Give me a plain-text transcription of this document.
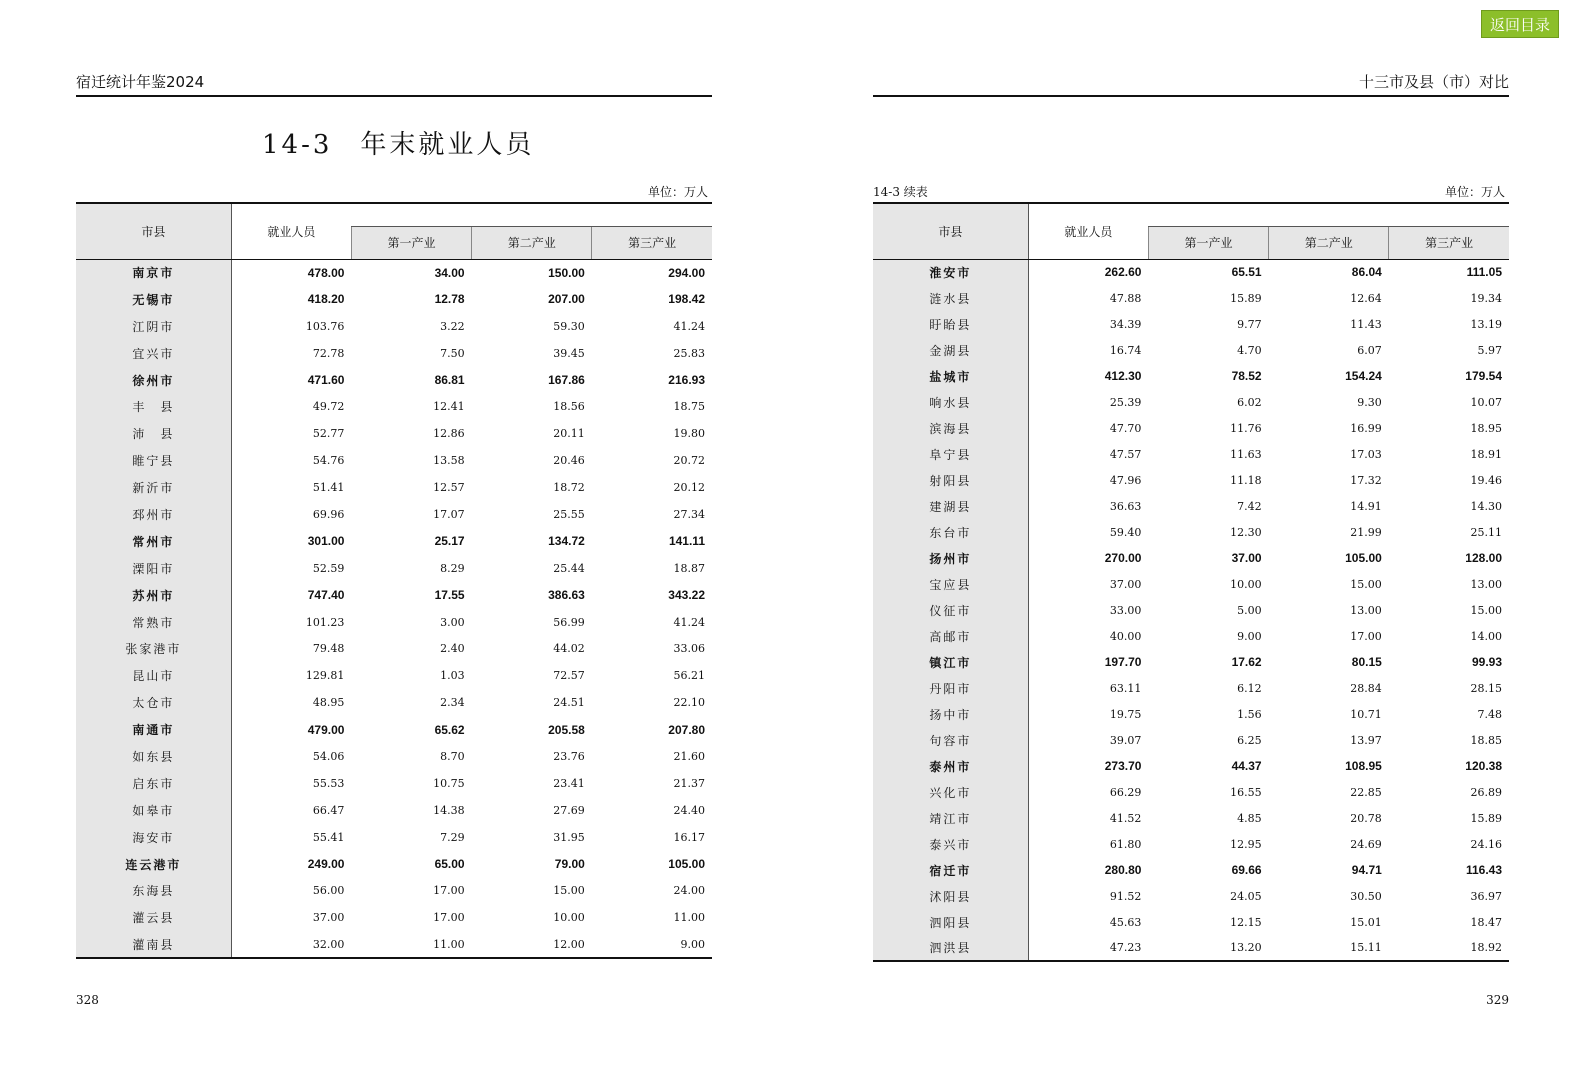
返回目录
宿迁统计年鉴2024
14-3 年末就业人员
单位：万人
市县	就业人员			
		第一产业	第二产业	第三产业
南京市	478.00	34.00	150.00	294.00
无锡市	418.20	12.78	207.00	198.42
江阴市	103.76	3.22	59.30	41.24
宜兴市	72.78	7.50	39.45	25.83
徐州市	471.60	86.81	167.86	216.93
丰　县	49.72	12.41	18.56	18.75
沛　县	52.77	12.86	20.11	19.80
睢宁县	54.76	13.58	20.46	20.72
新沂市	51.41	12.57	18.72	20.12
邳州市	69.96	17.07	25.55	27.34
常州市	301.00	25.17	134.72	141.11
溧阳市	52.59	8.29	25.44	18.87
苏州市	747.40	17.55	386.63	343.22
常熟市	101.23	3.00	56.99	41.24
张家港市	79.48	2.40	44.02	33.06
昆山市	129.81	1.03	72.57	56.21
太仓市	48.95	2.34	24.51	22.10
南通市	479.00	65.62	205.58	207.80
如东县	54.06	8.70	23.76	21.60
启东市	55.53	10.75	23.41	21.37
如皋市	66.47	14.38	27.69	24.40
海安市	55.41	7.29	31.95	16.17
连云港市	249.00	65.00	79.00	105.00
东海县	56.00	17.00	15.00	24.00
灌云县	37.00	17.00	10.00	11.00
灌南县	32.00	11.00	12.00	9.00
328
十三市及县（市）对比
14-3 续表	单位：万人
市县	就业人员			
		第一产业	第二产业	第三产业
淮安市	262.60	65.51	86.04	111.05
涟水县	47.88	15.89	12.64	19.34
盱眙县	34.39	9.77	11.43	13.19
金湖县	16.74	4.70	6.07	5.97
盐城市	412.30	78.52	154.24	179.54
响水县	25.39	6.02	9.30	10.07
滨海县	47.70	11.76	16.99	18.95
阜宁县	47.57	11.63	17.03	18.91
射阳县	47.96	11.18	17.32	19.46
建湖县	36.63	7.42	14.91	14.30
东台市	59.40	12.30	21.99	25.11
扬州市	270.00	37.00	105.00	128.00
宝应县	37.00	10.00	15.00	13.00
仪征市	33.00	5.00	13.00	15.00
高邮市	40.00	9.00	17.00	14.00
镇江市	197.70	17.62	80.15	99.93
丹阳市	63.11	6.12	28.84	28.15
扬中市	19.75	1.56	10.71	7.48
句容市	39.07	6.25	13.97	18.85
泰州市	273.70	44.37	108.95	120.38
兴化市	66.29	16.55	22.85	26.89
靖江市	41.52	4.85	20.78	15.89
泰兴市	61.80	12.95	24.69	24.16
宿迁市	280.80	69.66	94.71	116.43
沭阳县	91.52	24.05	30.50	36.97
泗阳县	45.63	12.15	15.01	18.47
泗洪县	47.23	13.20	15.11	18.92
329
